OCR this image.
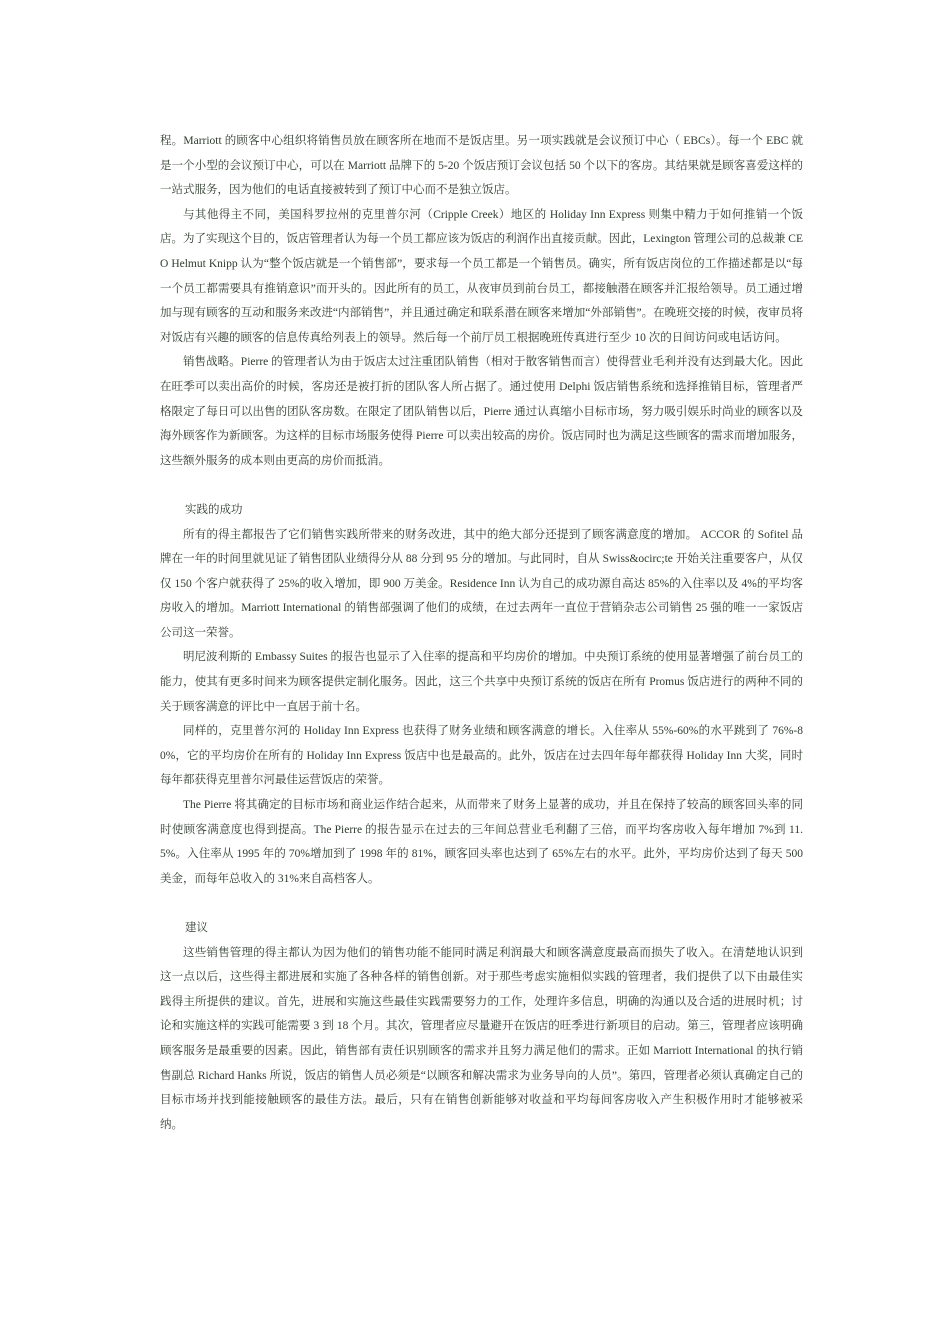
程。Marriott 的顾客中心组织将销售员放在顾客所在地而不是饭店里。另一项实践就是会议预订中心（ EBCs）。每一个 EBC 就是一个小型的会议预订中心，可以在 Marriott 品牌下的 5-20 个饭店预订会议包括 50 个以下的客房。其结果就是顾客喜爱这样的一站式服务，因为他们的电话直接被转到了预订中心而不是独立饭店。

与其他得主不同，美国科罗拉州的克里普尔河（Cripple Creek）地区的 Holiday Inn Express 则集中精力于如何推销一个饭店。为了实现这个目的，饭店管理者认为每一个员工都应该为饭店的利润作出直接贡献。因此，Lexington 管理公司的总裁兼 CEO Helmut Knipp 认为“整个饭店就是一个销售部”，要求每一个员工都是一个销售员。确实，所有饭店岗位的工作描述都是以“每一个员工都需要具有推销意识”而开头的。因此所有的员工，从夜审员到前台员工，都接触潜在顾客并汇报给领导。员工通过增加与现有顾客的互动和服务来改进“内部销售”，并且通过确定和联系潜在顾客来增加“外部销售”。在晚班交接的时候，夜审员将对饭店有兴趣的顾客的信息传真给列表上的领导。然后每一个前厅员工根据晚班传真进行至少 10 次的日间访问或电话访问。

销售战略。Pierre 的管理者认为由于饭店太过注重团队销售（相对于散客销售而言）使得营业毛利并没有达到最大化。因此在旺季可以卖出高价的时候，客房还是被打折的团队客人所占据了。通过使用 Delphi 饭店销售系统和选择推销目标，管理者严格限定了每日可以出售的团队客房数。在限定了团队销售以后，Pierre 通过认真缩小目标市场，努力吸引娱乐时尚业的顾客以及海外顾客作为新顾客。为这样的目标市场服务使得 Pierre 可以卖出较高的房价。饭店同时也为满足这些顾客的需求而增加服务，这些额外服务的成本则由更高的房价而抵消。

实践的成功

所有的得主都报告了它们销售实践所带来的财务改进，其中的绝大部分还提到了顾客满意度的增加。 ACCOR 的 Sofitel 品牌在一年的时间里就见证了销售团队业绩得分从 88 分到 95 分的增加。与此同时，自从 Swiss&ocirc;te 开始关注重要客户，从仅仅 150 个客户就获得了 25%的收入增加，即 900 万美金。Residence Inn 认为自己的成功源自高达 85%的入住率以及 4%的平均客房收入的增加。Marriott International 的销售部强调了他们的成绩，在过去两年一直位于营销杂志公司销售 25 强的唯一一家饭店公司这一荣誉。

明尼波利斯的 Embassy Suites 的报告也显示了入住率的提高和平均房价的增加。中央预订系统的使用显著增强了前台员工的能力，使其有更多时间来为顾客提供定制化服务。因此，这三个共享中央预订系统的饭店在所有 Promus 饭店进行的两种不同的关于顾客满意的评比中一直居于前十名。

同样的，克里普尔河的 Holiday Inn Express 也获得了财务业绩和顾客满意的增长。入住率从 55%-60%的水平跳到了 76%-80%，它的平均房价在所有的 Holiday Inn Express 饭店中也是最高的。此外，饭店在过去四年每年都获得 Holiday Inn 大奖，同时每年都获得克里普尔河最佳运营饭店的荣誉。

The Pierre 将其确定的目标市场和商业运作结合起来，从而带来了财务上显著的成功，并且在保持了较高的顾客回头率的同时使顾客满意度也得到提高。The Pierre 的报告显示在过去的三年间总营业毛利翻了三倍，而平均客房收入每年增加 7%到 11.5%。入住率从 1995 年的 70%增加到了 1998 年的 81%，顾客回头率也达到了 65%左右的水平。此外，平均房价达到了每天 500 美金，而每年总收入的 31%来自高档客人。

建议

这些销售管理的得主都认为因为他们的销售功能不能同时满足利润最大和顾客满意度最高而损失了收入。在清楚地认识到这一点以后，这些得主都进展和实施了各种各样的销售创新。对于那些考虑实施相似实践的管理者，我们提供了以下由最佳实践得主所提供的建议。首先，进展和实施这些最佳实践需要努力的工作，处理许多信息，明确的沟通以及合适的进展时机；讨论和实施这样的实践可能需要 3 到 18 个月。其次，管理者应尽量避开在饭店的旺季进行新项目的启动。第三，管理者应该明确顾客服务是最重要的因素。因此，销售部有责任识别顾客的需求并且努力满足他们的需求。正如 Marriott International 的执行销售副总 Richard Hanks 所说，饭店的销售人员必须是“以顾客和解决需求为业务导向的人员”。第四，管理者必须认真确定自己的目标市场并找到能接触顾客的最佳方法。最后，只有在销售创新能够对收益和平均每间客房收入产生积极作用时才能够被采纳。
